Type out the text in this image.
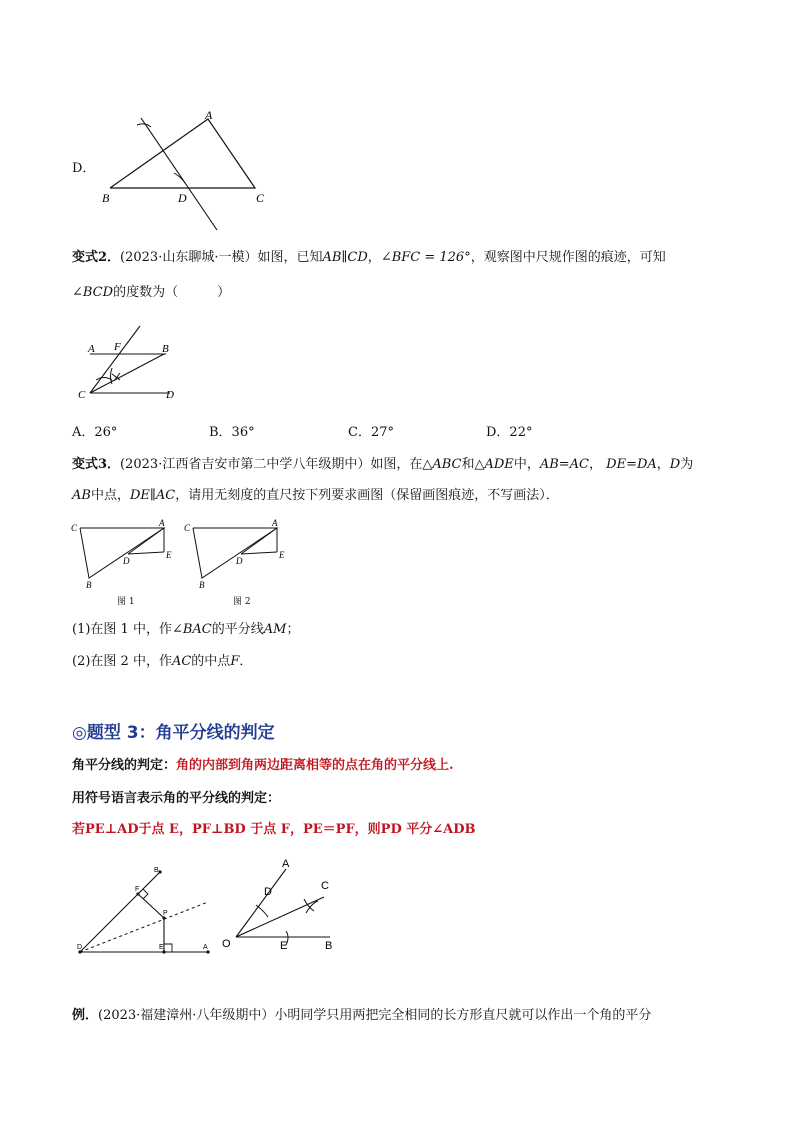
D．
A
B	D	C
变式2．(2023·山东聊城·一模）如图，已知AB∥CD，∠BFC = 126°，观察图中尺规作图的痕迹，可知
∠BCD的度数为（　　　）
A F	B
C	D
A．26°	B．36°	C．27°	D．22°
变式3．(2023·江西省吉安市第二中学八年级期中）如图，在△ABC和△ADE中，AB=AC， DE=DA，D为
AB中点，DE∥AC，请用无刻度的直尺按下列要求画图（保留画图痕迹，不写画法）．
C	A
E
D
B
C	A
E
D
B
图 1	图 2
(1)在图 1 中，作∠BAC的平分线AM；
(2)在图 2 中，作AC的中点F．
◎题型 3：角平分线的判定
角平分线的判定：角的内部到角两边距离相等的点在角的平分线上.
用符号语言表示角的平分线的判定：
若PE⊥AD于点 E，PF⊥BD 于点 F，PE＝PF，则PD 平分∠ADB
B
F
P
D	E	A
A
D	C
O	E	B
例．(2023·福建漳州·八年级期中）小明同学只用两把完全相同的长方形直尺就可以作出一个角的平分
